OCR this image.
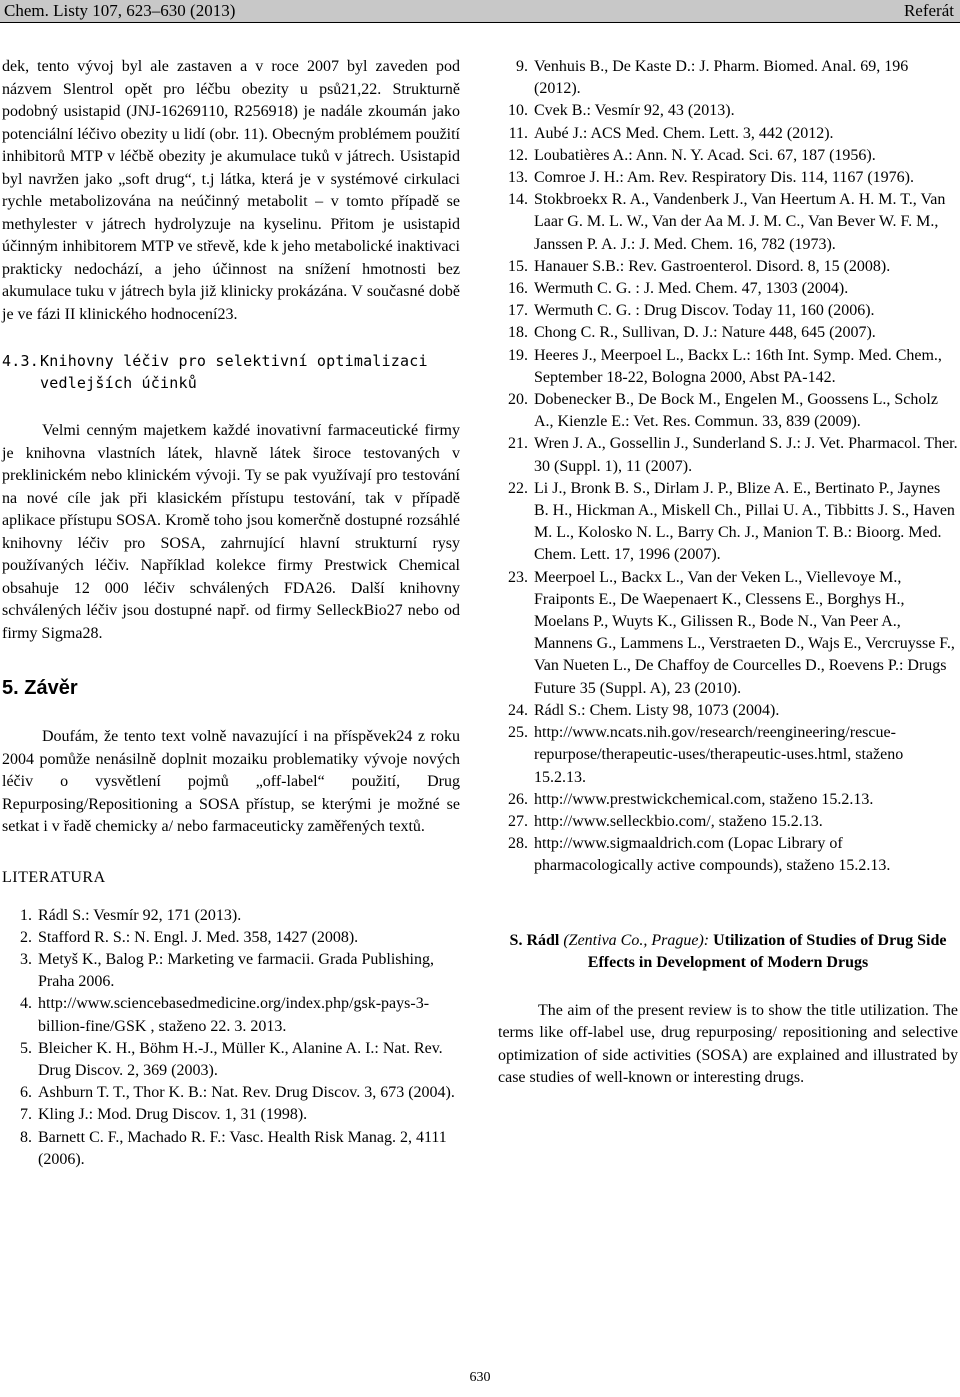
Chem. Listy 107, 623–630 (2013)	Referát

dek, tento vývoj byl ale zastaven a v roce 2007 byl zaveden pod názvem Slentrol opět pro léčbu obezity u psů21,22. Strukturně podobný usistapid (JNJ-16269110, R256918) je nadále zkoumán jako potenciální léčivo obezity u lidí (obr. 11). Obecným problémem použití inhibitorů MTP v léčbě obezity je akumulace tuků v játrech. Usistapid byl navržen jako „soft drug“, t.j látka, která je v systémové cirkulaci rychle metabolizována na neúčinný metabolit – v tomto případě se methylester v játrech hydrolyzuje na kyselinu. Přitom je usistapid účinným inhibitorem MTP ve střevě, kde k jeho metabolické inaktivaci prakticky nedochází, a jeho účinnost na snížení hmotnosti bez akumulace tuku v játrech byla již klinicky prokázána. V současné době je ve fázi II klinického hodnocení23.

4.3.Knihovny léčiv pro selektivní optimalizaci
vedlejších účinků

Velmi cenným majetkem každé inovativní farmaceutické firmy je knihovna vlastních látek, hlavně látek široce testovaných v preklinickém nebo klinickém vývoji. Ty se pak využívají pro testování na nové cíle jak při klasickém přístupu testování, tak v případě aplikace přístupu SOSA. Kromě toho jsou komerčně dostupné rozsáhlé knihovny léčiv pro SOSA, zahrnující hlavní strukturní rysy používaných léčiv. Například kolekce firmy Prestwick Chemical obsahuje 12 000 léčiv schválených FDA26. Další knihovny schválených léčiv jsou dostupné např. od firmy SelleckBio27 nebo od firmy Sigma28.

5. Závěr

Doufám, že tento text volně navazující i na příspěvek24 z roku 2004 pomůže nenásilně doplnit mozaiku problematiky vývoje nových léčiv o vysvětlení pojmů „off-label“ použití, Drug Repurposing/Repositioning a SOSA přístup, se kterými je možné se setkat i v řadě chemicky a/ nebo farmaceuticky zaměřených textů.

LITERATURA
1. Rádl S.: Vesmír 92, 171 (2013).
2. Stafford R. S.: N. Engl. J. Med. 358, 1427 (2008).
3. Metyš K., Balog P.: Marketing ve farmacii. Grada Publishing, Praha 2006.
4. http://www.sciencebasedmedicine.org/index.php/gsk-pays-3-billion-fine/GSK , staženo 22. 3. 2013.
5. Bleicher K. H., Böhm H.-J., Müller K., Alanine A. I.: Nat. Rev. Drug Discov. 2, 369 (2003).
6. Ashburn T. T., Thor K. B.: Nat. Rev. Drug Discov. 3, 673 (2004).
7. Kling J.: Mod. Drug Discov. 1, 31 (1998).
8. Barnett C. F., Machado R. F.: Vasc. Health Risk Manag. 2, 4111 (2006).
9. Venhuis B., De Kaste D.: J. Pharm. Biomed. Anal. 69, 196 (2012).
10. Cvek B.: Vesmír 92, 43 (2013).
11. Aubé J.: ACS Med. Chem. Lett. 3, 442 (2012).
12. Loubatières A.: Ann. N. Y. Acad. Sci. 67, 187 (1956).
13. Comroe J. H.: Am. Rev. Respiratory Dis. 114, 1167 (1976).
14. Stokbroekx R. A., Vandenberk J., Van Heertum A. H. M. T., Van Laar G. M. L. W., Van der Aa M. J. M. C., Van Bever W. F. M., Janssen P. A. J.: J. Med. Chem. 16, 782 (1973).
15. Hanauer S.B.: Rev. Gastroenterol. Disord. 8, 15 (2008).
16. Wermuth C. G. : J. Med. Chem. 47, 1303 (2004).
17. Wermuth C. G. : Drug Discov. Today 11, 160 (2006).
18. Chong C. R., Sullivan, D. J.: Nature 448, 645 (2007).
19. Heeres J., Meerpoel L., Backx L.: 16th Int. Symp. Med. Chem., September 18-22, Bologna 2000, Abst PA-142.
20. Dobenecker B., De Bock M., Engelen M., Goossens L., Scholz A., Kienzle E.: Vet. Res. Commun. 33, 839 (2009).
21. Wren J. A., Gossellin J., Sunderland S. J.: J. Vet. Pharmacol. Ther. 30 (Suppl. 1), 11 (2007).
22. Li J., Bronk B. S., Dirlam J. P., Blize A. E., Bertinato P., Jaynes B. H., Hickman A., Miskell Ch., Pillai U. A., Tibbitts J. S., Haven M. L., Kolosko N. L., Barry Ch. J., Manion T. B.: Bioorg. Med. Chem. Lett. 17, 1996 (2007).
23. Meerpoel L., Backx L., Van der Veken L., Viellevoye M., Fraiponts E., De Waepenaert K., Clessens E., Borghys H., Moelans P., Wuyts K., Gilissen R., Bode N., Van Peer A., Mannens G., Lammens L., Verstraeten D., Wajs E., Vercruysse F., Van Nueten L., De Chaffoy de Courcelles D., Roevens P.: Drugs Future 35 (Suppl. A), 23 (2010).
24. Rádl S.: Chem. Listy 98, 1073 (2004).
25. http://www.ncats.nih.gov/research/reengineering/rescue-repurpose/therapeutic-uses/therapeutic-uses.html, staženo 15.2.13.
26. http://www.prestwickchemical.com, staženo 15.2.13.
27. http://www.selleckbio.com/, staženo 15.2.13.
28. http://www.sigmaaldrich.com (Lopac Library of pharmacologically active compounds), staženo 15.2.13.
S. Rádl (Zentiva Co., Prague): Utilization of Studies of Drug Side Effects in Development of Modern Drugs

The aim of the present review is to show the title utilization. The terms like off-label use, drug repurposing/ repositioning and selective optimization of side activities (SOSA) are explained and illustrated by case studies of well-known or interesting drugs.

630
